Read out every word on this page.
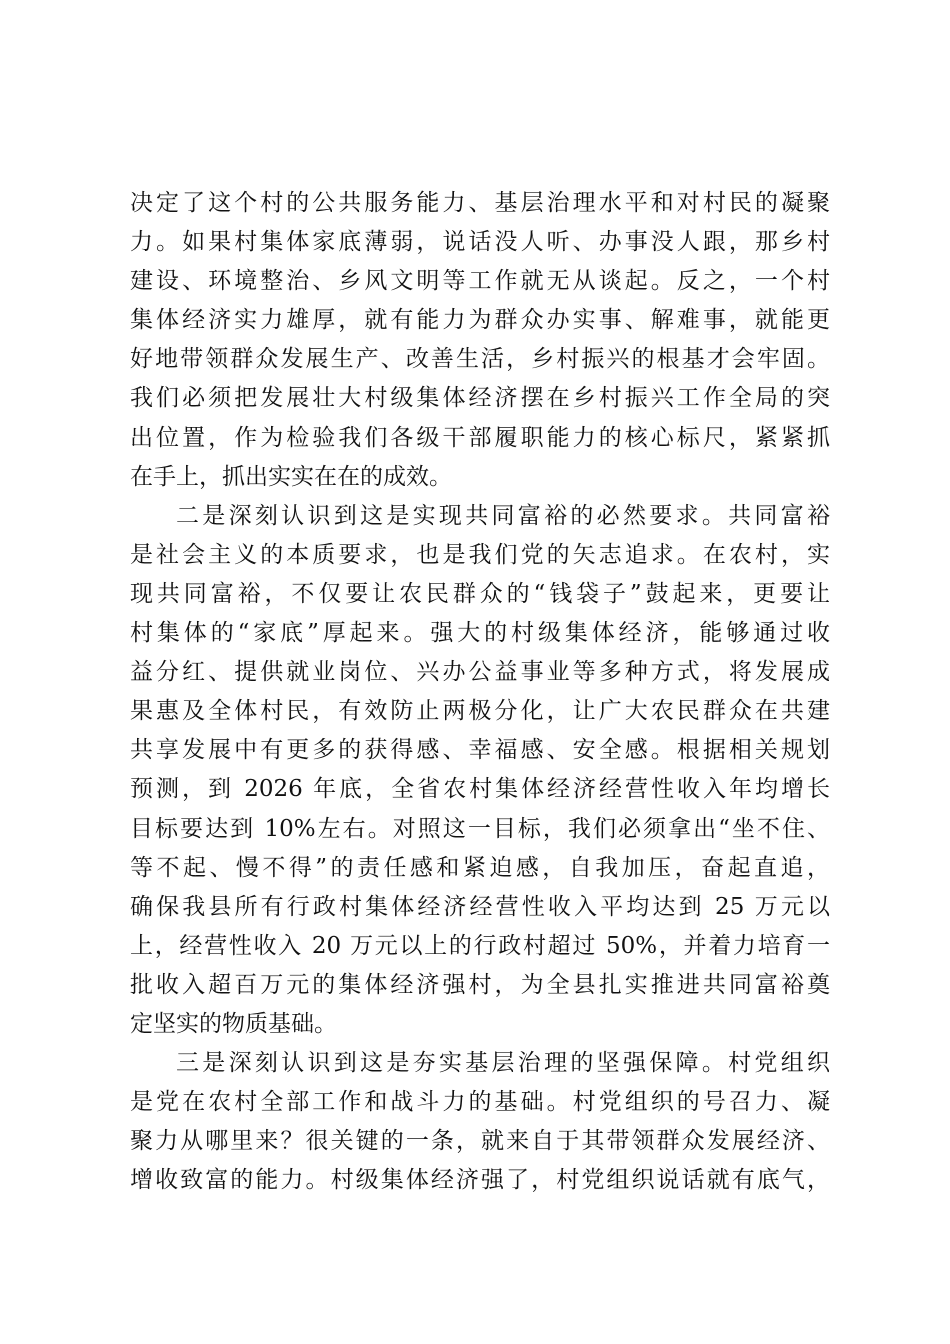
决定了这个村的公共服务能力、基层治理水平和对村民的凝聚
力。如果村集体家底薄弱，说话没人听、办事没人跟，那乡村
建设、环境整治、乡风文明等工作就无从谈起。反之，一个村
集体经济实力雄厚，就有能力为群众办实事、解难事，就能更
好地带领群众发展生产、改善生活，乡村振兴的根基才会牢固。
我们必须把发展壮大村级集体经济摆在乡村振兴工作全局的突
出位置，作为检验我们各级干部履职能力的核心标尺，紧紧抓
在手上，抓出实实在在的成效。
二是深刻认识到这是实现共同富裕的必然要求。共同富裕
是社会主义的本质要求，也是我们党的矢志追求。在农村，实
现共同富裕，不仅要让农民群众的“钱袋子”鼓起来，更要让
村集体的“家底”厚起来。强大的村级集体经济，能够通过收
益分红、提供就业岗位、兴办公益事业等多种方式，将发展成
果惠及全体村民，有效防止两极分化，让广大农民群众在共建
共享发展中有更多的获得感、幸福感、安全感。根据相关规划
预测，到 2026 年底，全省农村集体经济经营性收入年均增长
目标要达到 10%左右。对照这一目标，我们必须拿出“坐不住、
等不起、慢不得”的责任感和紧迫感，自我加压，奋起直追，
确保我县所有行政村集体经济经营性收入平均达到 25 万元以
上，经营性收入 20 万元以上的行政村超过 50%，并着力培育一
批收入超百万元的集体经济强村，为全县扎实推进共同富裕奠
定坚实的物质基础。
三是深刻认识到这是夯实基层治理的坚强保障。村党组织
是党在农村全部工作和战斗力的基础。村党组织的号召力、凝
聚力从哪里来？很关键的一条，就来自于其带领群众发展经济、
增收致富的能力。村级集体经济强了，村党组织说话就有底气，
